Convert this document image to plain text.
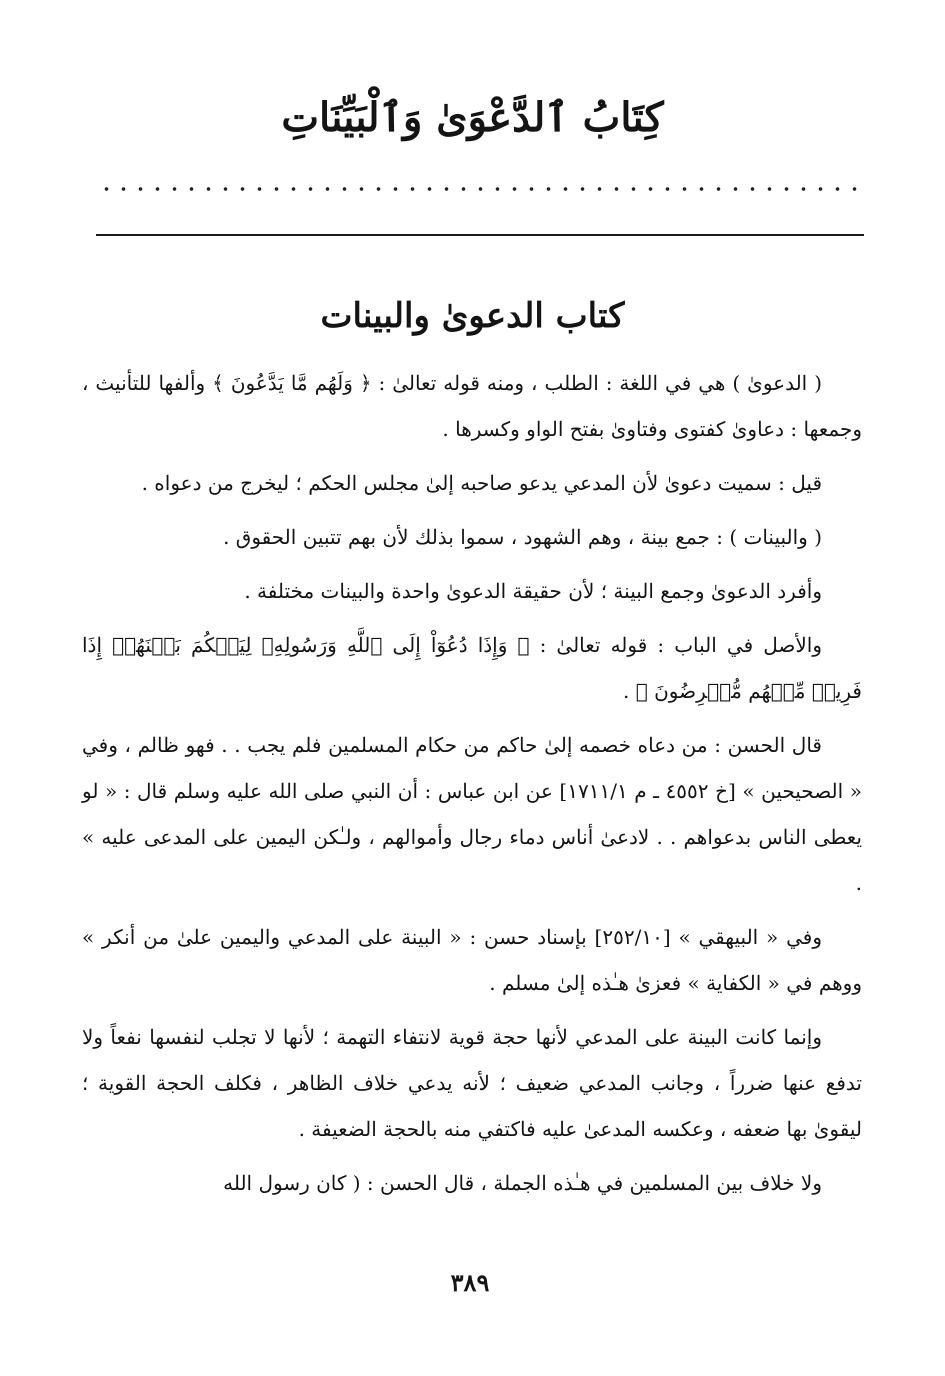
كِتَابُ ٱلدَّعْوَىٰ وَٱلْبَيِّنَاتِ
كتاب الدعوىٰ والبينات

( الدعوىٰ ) هي في اللغة : الطلب ، ومنه قوله تعالىٰ : ﴿ وَلَهُم مَّا يَدَّعُونَ ﴾ وألفها للتأنيث ، وجمعها : دعاوىٰ كفتوى وفتاوىٰ بفتح الواو وكسرها .

قيل : سميت دعوىٰ لأن المدعي يدعو صاحبه إلىٰ مجلس الحكم ؛ ليخرج من دعواه .

( والبينات ) : جمع بينة ، وهم الشهود ، سموا بذلك لأن بهم تتبين الحقوق .

وأفرد الدعوىٰ وجمع البينة ؛ لأن حقيقة الدعوىٰ واحدة والبينات مختلفة .

والأصل في الباب : قوله تعالىٰ : ﴿ وَإِذَا دُعُوٓاْ إِلَى ٱللَّهِ وَرَسُولِهِۦ لِيَحۡكُمَ بَيۡنَهُمۡ إِذَا فَرِيقٞ مِّنۡهُم مُّعۡرِضُونَ ﴾ .

قال الحسن : من دعاه خصمه إلىٰ حاكم من حكام المسلمين فلم يجب . . فهو ظالم ، وفي « الصحيحين » [خ ٤٥٥٢ ـ م ١٧١١/١] عن ابن عباس : أن النبي صلى الله عليه وسلم قال : « لو يعطى الناس بدعواهم . . لادعىٰ أناس دماء رجال وأموالهم ، ولـٰكن اليمين على المدعى عليه » .

وفي « البيهقي » [٢٥٢/١٠] بإسناد حسن : « البينة على المدعي واليمين علىٰ من أنكر » ووهم في « الكفاية » فعزىٰ هـٰذه إلىٰ مسلم .

وإنما كانت البينة على المدعي لأنها حجة قوية لانتفاء التهمة ؛ لأنها لا تجلب لنفسها نفعاً ولا تدفع عنها ضرراً ، وجانب المدعي ضعيف ؛ لأنه يدعي خلاف الظاهر ، فكلف الحجة القوية ؛ ليقوىٰ بها ضعفه ، وعكسه المدعىٰ عليه فاكتفي منه بالحجة الضعيفة .

ولا خلاف بين المسلمين في هـٰذه الجملة ، قال الحسن : ( كان رسول الله

٣٨٩
